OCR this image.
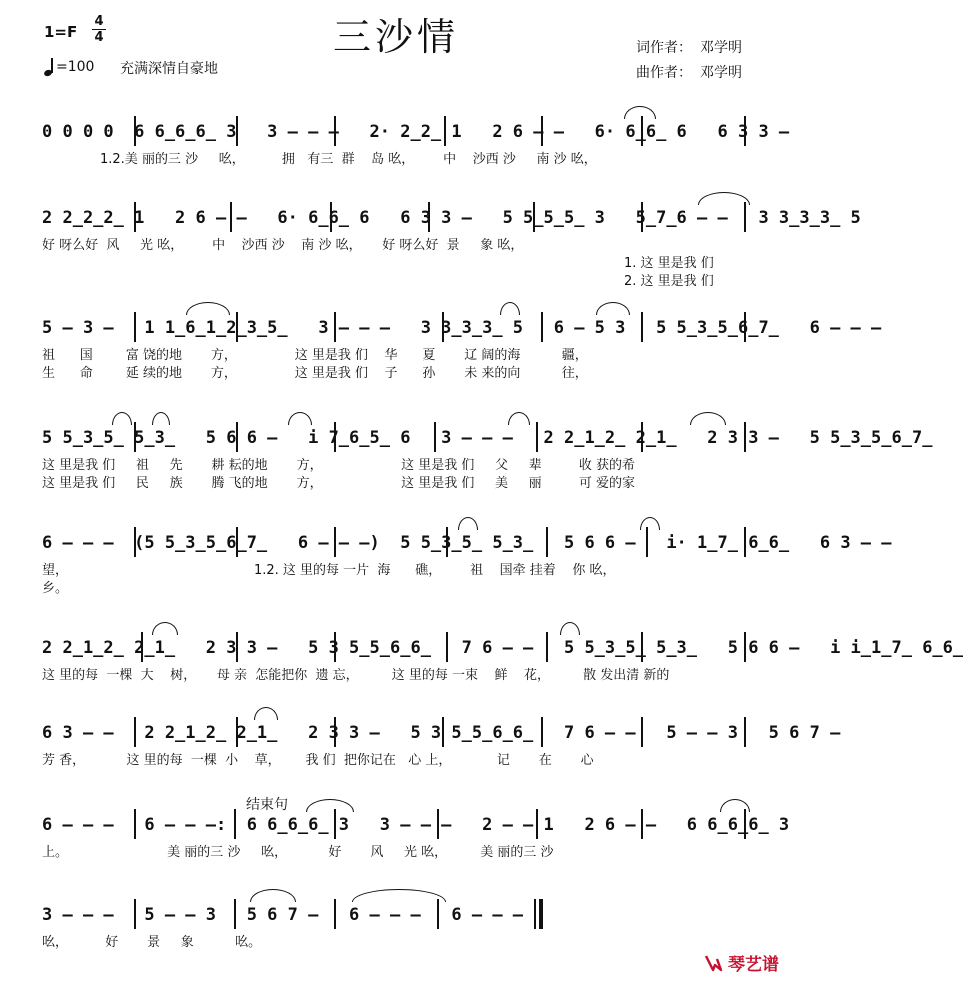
三沙情
1=F
4
4
=100 充满深情自豪地
词作者： 邓学明
曲作者： 邓学明
0 0 0 0  6 6̲6̲6̲ 3   3 – – –   2· 2̲2̲ 1   2 6 – –   6· 6̲6̲ 6   6 3 3 –
1.2.美 丽的三 沙     吆，         拥   有三  群    岛 吆，       中    沙西 沙     南 沙 吆，
2 2̲2̲2̲ 1   2 6 – –   6· 6̲6̲ 6   6 3 3 –   5 5̲5̲5̲ 3   5̲7̲6 – –   3 3̲3̲3̲ 5
好 呀么好  风     光 吆，       中    沙西 沙    南 沙 吆，     好 呀么好  景     象 吆，
1. 这 里是我 们
2. 这 里是我 们
5 – 3 –   1 1̲6̲1̲2̲3̲5̲   3 – – –   3 3̲3̲3̲ 5   6 – 5 3   5 5̲3̲5̲6̲7̲   6 – – –
祖      国        富 饶的地       方，              这 里是我 们    华      夏       辽 阔的海          疆，
生      命        延 续的地       方，              这 里是我 们    子      孙       未 来的向          往，
5 5̲3̲5̲ 5̲3̲   5 6 6 –   i 7̲6̲5̲ 6   3 – – –   2 2̲1̲2̲ 2̲1̲   2 3 3 –   5 5̲3̲5̲6̲7̲
这 里是我 们     祖     先       耕 耘的地       方，                   这 里是我 们     父     辈         收 获的希
这 里是我 们     民     族       腾 飞的地       方，                   这 里是我 们     美     丽         可 爱的家
6 – – –  (5 5̲3̲5̲6̲7̲   6 – – –)  5 5̲3̲5̲ 5̲3̲   5 6 6 –   i· 1̲7̲ 6̲6̲   6 3 – –
望，                                             1.2. 这 里的每 一片  海      礁，       祖    国牵 挂着    你 吆，
乡。
2 2̲1̲2̲ 2̲1̲   2 3 3 –   5 3 5̲5̲6̲6̲   7 6 – –   5 5̲3̲5̲ 5̲3̲   5 6 6 –   i i̲1̲7̲ 6̲6̲
这 里的每  一棵  大    树，     母 亲  怎能把你  遗 忘，        这 里的每 一束    鲜    花，        散 发出清 新的
6 3 – –   2 2̲1̲2̲ 2̲1̲   2 3 3 –   5 3 5̲5̲6̲6̲   7 6 – –   5 – – 3   5 6 7 –
芳 香，          这 里的每  一棵  小    草，      我 们  把你记在   心 上，           记       在       心
6 – – –   6 – – –:  6 6̲6̲6̲ 3   3 – – –   2 – – 1   2 6 – –   6 6̲6̲6̲ 3
上。                        美 丽的三 沙     吆，          好       风     光 吆，        美 丽的三 沙
3 – – –   5 – – 3   5 6 7 –   6 – – –   6 – – –
吆，         好       景     象          吆。
结束句
琴艺谱
